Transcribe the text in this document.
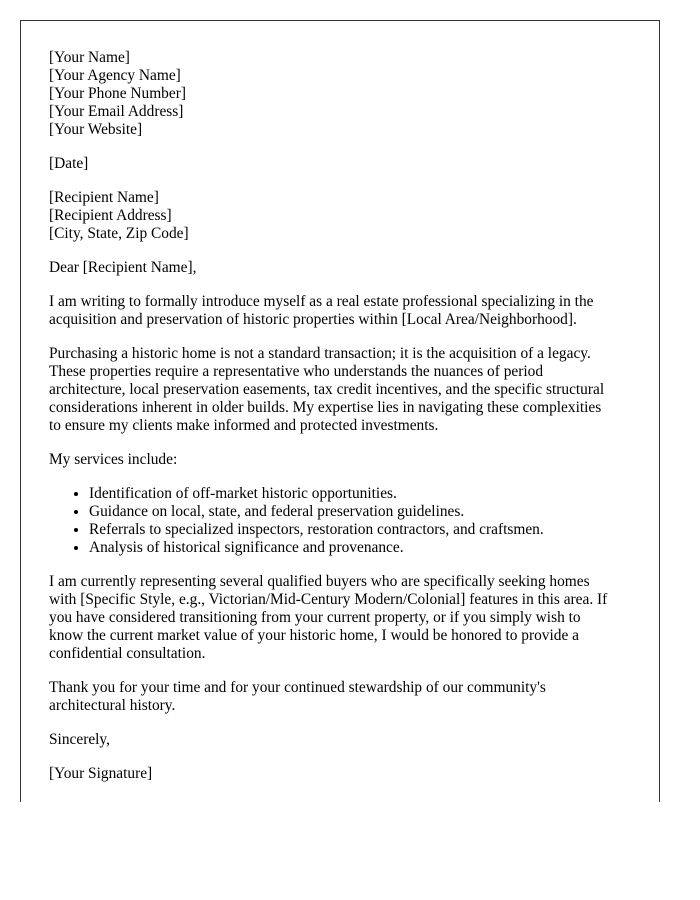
[Your Name]
[Your Agency Name]
[Your Phone Number]
[Your Email Address]
[Your Website]
[Date]
[Recipient Name]
[Recipient Address]
[City, State, Zip Code]

Dear [Recipient Name],

I am writing to formally introduce myself as a real estate professional specializing in the
acquisition and preservation of historic properties within [Local Area/Neighborhood].

Purchasing a historic home is not a standard transaction; it is the acquisition of a legacy.
These properties require a representative who understands the nuances of period
architecture, local preservation easements, tax credit incentives, and the specific structural
considerations inherent in older builds. My expertise lies in navigating these complexities
to ensure my clients make informed and protected investments.

My services include:

• Identification of off-market historic opportunities.
• Guidance on local, state, and federal preservation guidelines.
• Referrals to specialized inspectors, restoration contractors, and craftsmen.
• Analysis of historical significance and provenance.

I am currently representing several qualified buyers who are specifically seeking homes
with [Specific Style, e.g., Victorian/Mid-Century Modern/Colonial] features in this area. If
you have considered transitioning from your current property, or if you simply wish to
know the current market value of your historic home, I would be honored to provide a
confidential consultation.

Thank you for your time and for your continued stewardship of our community's
architectural history.

Sincerely,

[Your Signature]
